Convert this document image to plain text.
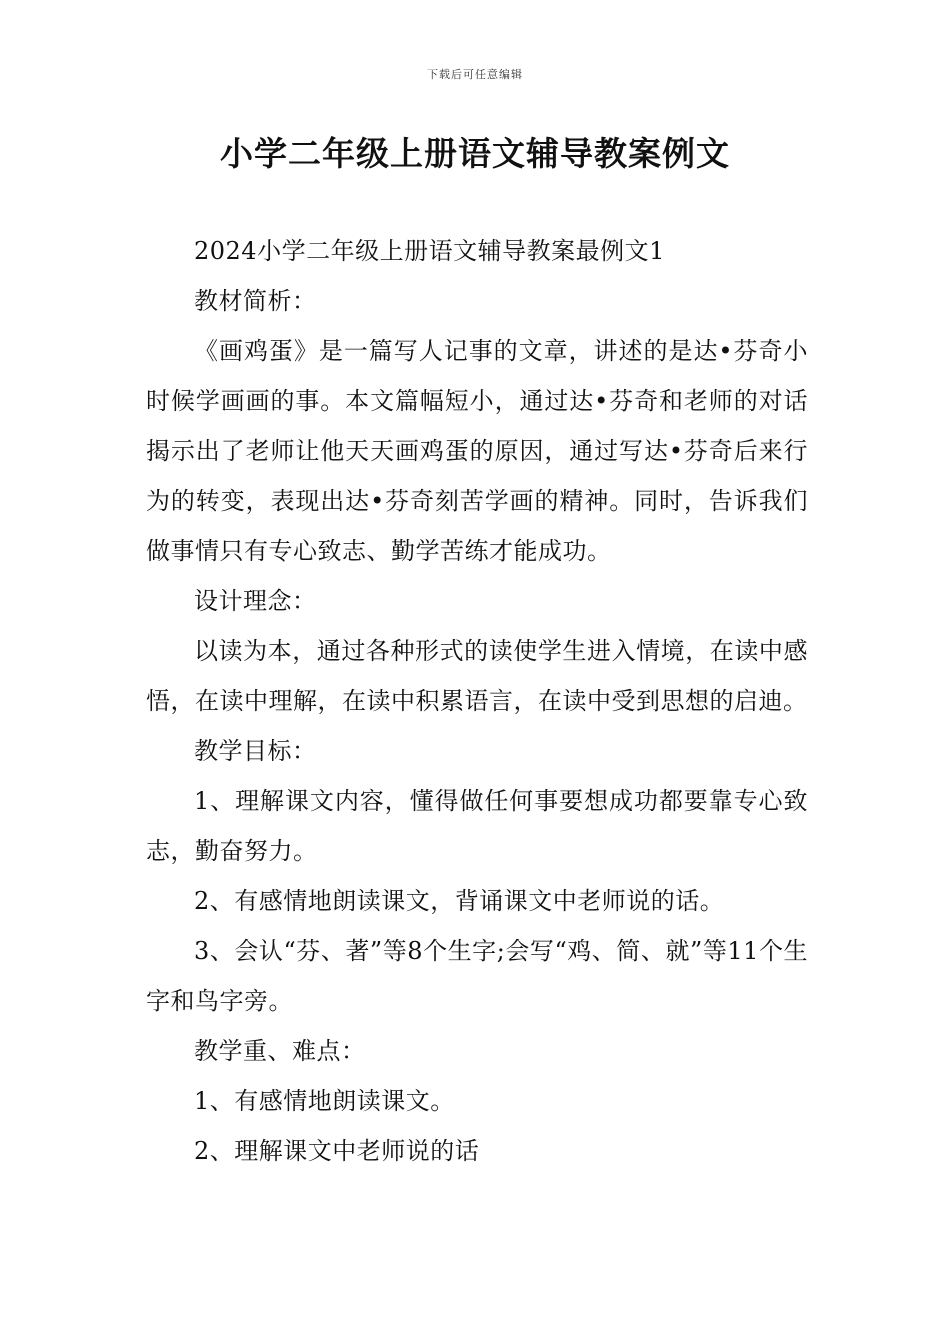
下载后可任意编辑
小学二年级上册语文辅导教案例文

2024小学二年级上册语文辅导教案最例文1

教材简析：

《画鸡蛋》是一篇写人记事的文章，讲述的是达•芬奇小时候学画画的事。本文篇幅短小，通过达•芬奇和老师的对话揭示出了老师让他天天画鸡蛋的原因，通过写达•芬奇后来行为的转变，表现出达•芬奇刻苦学画的精神。同时，告诉我们做事情只有专心致志、勤学苦练才能成功。

设计理念：

以读为本，通过各种形式的读使学生进入情境，在读中感悟，在读中理解，在读中积累语言，在读中受到思想的启迪。

教学目标：

1、理解课文内容，懂得做任何事要想成功都要靠专心致志，勤奋努力。

2、有感情地朗读课文，背诵课文中老师说的话。

3、会认“芬、著”等8个生字;会写“鸡、简、就”等11个生字和鸟字旁。

教学重、难点：

1、有感情地朗读课文。

2、理解课文中老师说的话
